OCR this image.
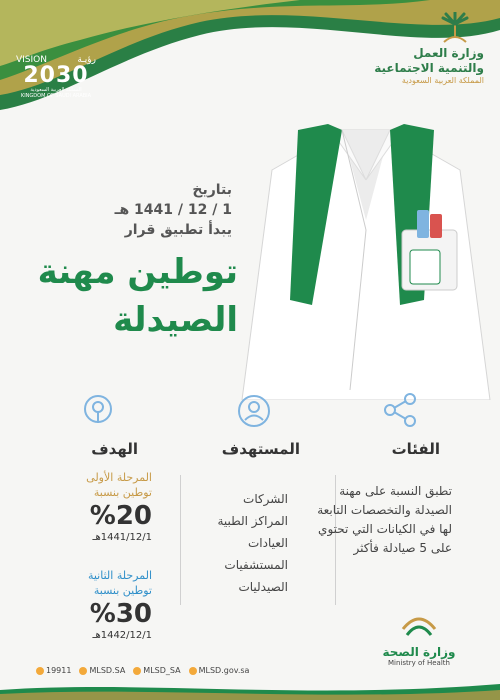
VISION	رؤيـة
2030
المملكة العربية السعودية
KINGDOM OF SAUDI ARABIA
وزارة العمل
والتنمية الاجتماعية
المملكة العربية السعودية
بتاريخ
1 / 12 / 1441 هـ
يبدأ تطبيق قرار
توطين مهنة
الصيدلة
الفئات
المستهدف
الهدف
تطبق النسبة على مهنة الصيدلة والتخصصات التابعة لها في الكيانات التي تحتوي على 5 صيادلة فأكثر
الشركات
المراكز الطبية
العيادات
المستشفيات
الصيدليات
المرحلة الأولى
توطين بنسبة
%20
1441/12/1هـ
المرحلة الثانية
توطين بنسبة
%30
1442/12/1هـ
وزارة الصحة
Ministry of Health
19911	MLSD.SA	MLSD_SA	MLSD.gov.sa
